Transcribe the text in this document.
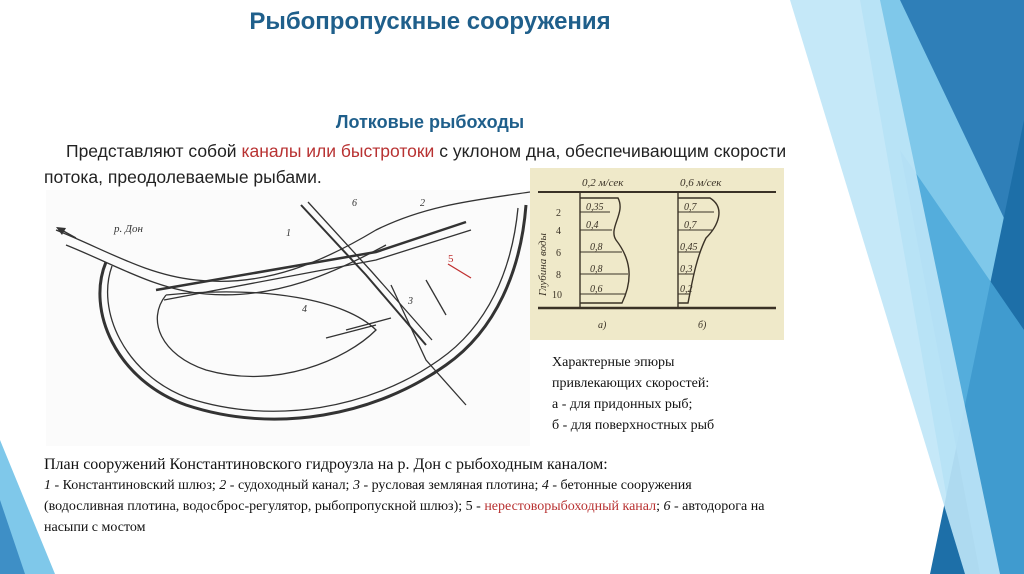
Рыбопропускные сооружения
Лотковые рыбоходы
Представляют собой каналы или быстротоки с уклоном дна, обеспечивающим скорости потока, преодолеваемые рыбами.
р. Дон	1
2
3
4
5
6
0,2 м/сек	0,6 м/сек
Глубина воды
2
4
6
8
10
0,35
0,4
0,8
0,8
0,6
0,7
0,7
0,45
0,3
0,2
а)	б)
Характерные эпюры
привлекающих скоростей:
а - для придонных рыб;
б - для поверхностных рыб
План сооружений Константиновского гидроузла на р. Дон с рыбоходным каналом:
1 - Константиновский шлюз; 2 - судоходный канал; 3 - русловая земляная плотина; 4 - бетонные сооружения (водосливная плотина, водосброс-регулятор, рыбопропускной шлюз); 5 - нерестоворыбоходный канал; 6 - автодорога на насыпи с мостом
